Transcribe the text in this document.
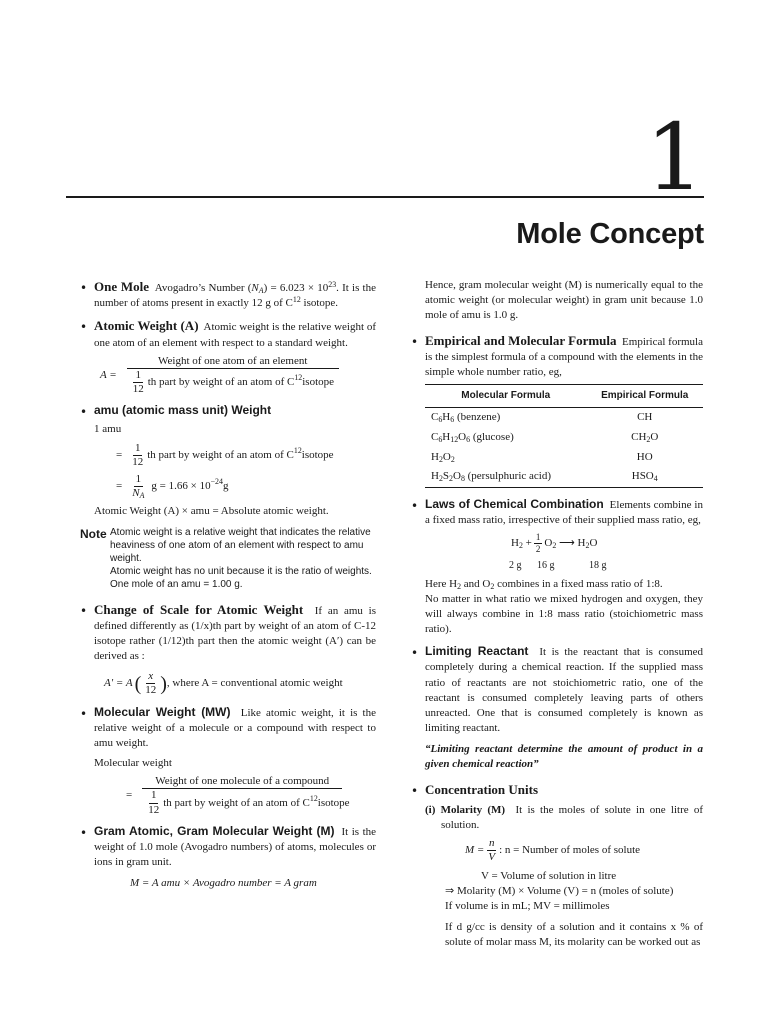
1
Mole Concept
• One Mole Avogadro’s Number $(N_A) = 6.023 \times 10^{23}$. It is the number of atoms present in exactly 12 g of $C^{12}$ isotope.
• Atomic Weight (A) Atomic weight is the relative weight of one atom of an element with respect to a standard weight.
$A = \frac{\text{Weight of one atom of an element}}{\frac{1}{12} th part by weight of an atom of C^{12} isotope}$
• amu (atomic mass unit) Weight
1 amu
= $\frac{1}{12}$ th part by weight of an atom of $C^{12}$ isotope
= $\frac{1}{N_A}$ $g = 1.66 \times 10^{-24}$ g
Atomic Weight (A) × amu = Absolute atomic weight.
Note Atomic weight is a relative weight that indicates the relative heaviness of one atom of an element with respect to amu weight.
Atomic weight has no unit because it is the ratio of weights.
One mole of an amu = 1.00 g.
• Change of Scale for Atomic Weight If an amu is defined differently as (1/x)th part by weight of an atom of C-12 isotope rather (1/12)th part then the atomic weight (A′) can be derived as :
A′ = A ( $\frac{x}{12}$ ) , where A = conventional atomic weight
• Molecular Weight (MW) Like atomic weight, it is the relative weight of a molecule or a compound with respect to amu weight.
Molecular weight
= $\frac{\text{Weight of one molecule of a compound}}{\frac{1}{12} th part by weight of an atom of C^{12} isotope}$
• Gram Atomic, Gram Molecular Weight (M) It is the weight of 1.0 mole (Avogadro numbers) of atoms, molecules or ions in gram unit.
M = A amu × Avogadro number = A gram
Hence, gram molecular weight (M) is numerically equal to the atomic weight (or molecular weight) in gram unit because 1.0 mole of amu is 1.0 g.
• Empirical and Molecular Formula Empirical formula is the simplest formula of a compound with the elements in the simple whole number ratio, eg,
Molecular Formula	Empirical Formula
$C_6H_6$ (benzene)	CH
$C_6H_{12}O_6$ (glucose)	$CH_2O$
$H_2O_2$	HO
$H_2S_2O_8$ (persulphuric acid)	$HSO_4$
• Laws of Chemical Combination Elements combine in a fixed mass ratio, irrespective of their supplied mass ratio, eg,
$H_2 + \frac{1}{2} O_2$ ⟶ $H_2O$
2 g	16 g	18 g
Here $H_2$ and $O_2$ combines in a fixed mass ratio of 1:8.
No matter in what ratio we mixed hydrogen and oxygen, they will always combine in 1:8 mass ratio (stoichiometric mass ratio).
• Limiting Reactant It is the reactant that is consumed completely during a chemical reaction. If the supplied mass ratio of reactants are not stoichiometric ratio, one of the reactant is consumed completely leaving parts of others unreacted. One that is consumed completely is known as limiting reactant.
“Limiting reactant determine the amount of product in a given chemical reaction”
• Concentration Units
(i) Molarity (M) It is the moles of solute in one litre of solution.
$M = \frac{n}{V}$ : n = Number of moles of solute
V = Volume of solution in litre
⇒ Molarity (M) × Volume (V) = n (moles of solute)
If volume is in mL; MV = millimoles
If d g/cc is density of a solution and it contains x % of solute of molar mass M, its molarity can be worked out as
